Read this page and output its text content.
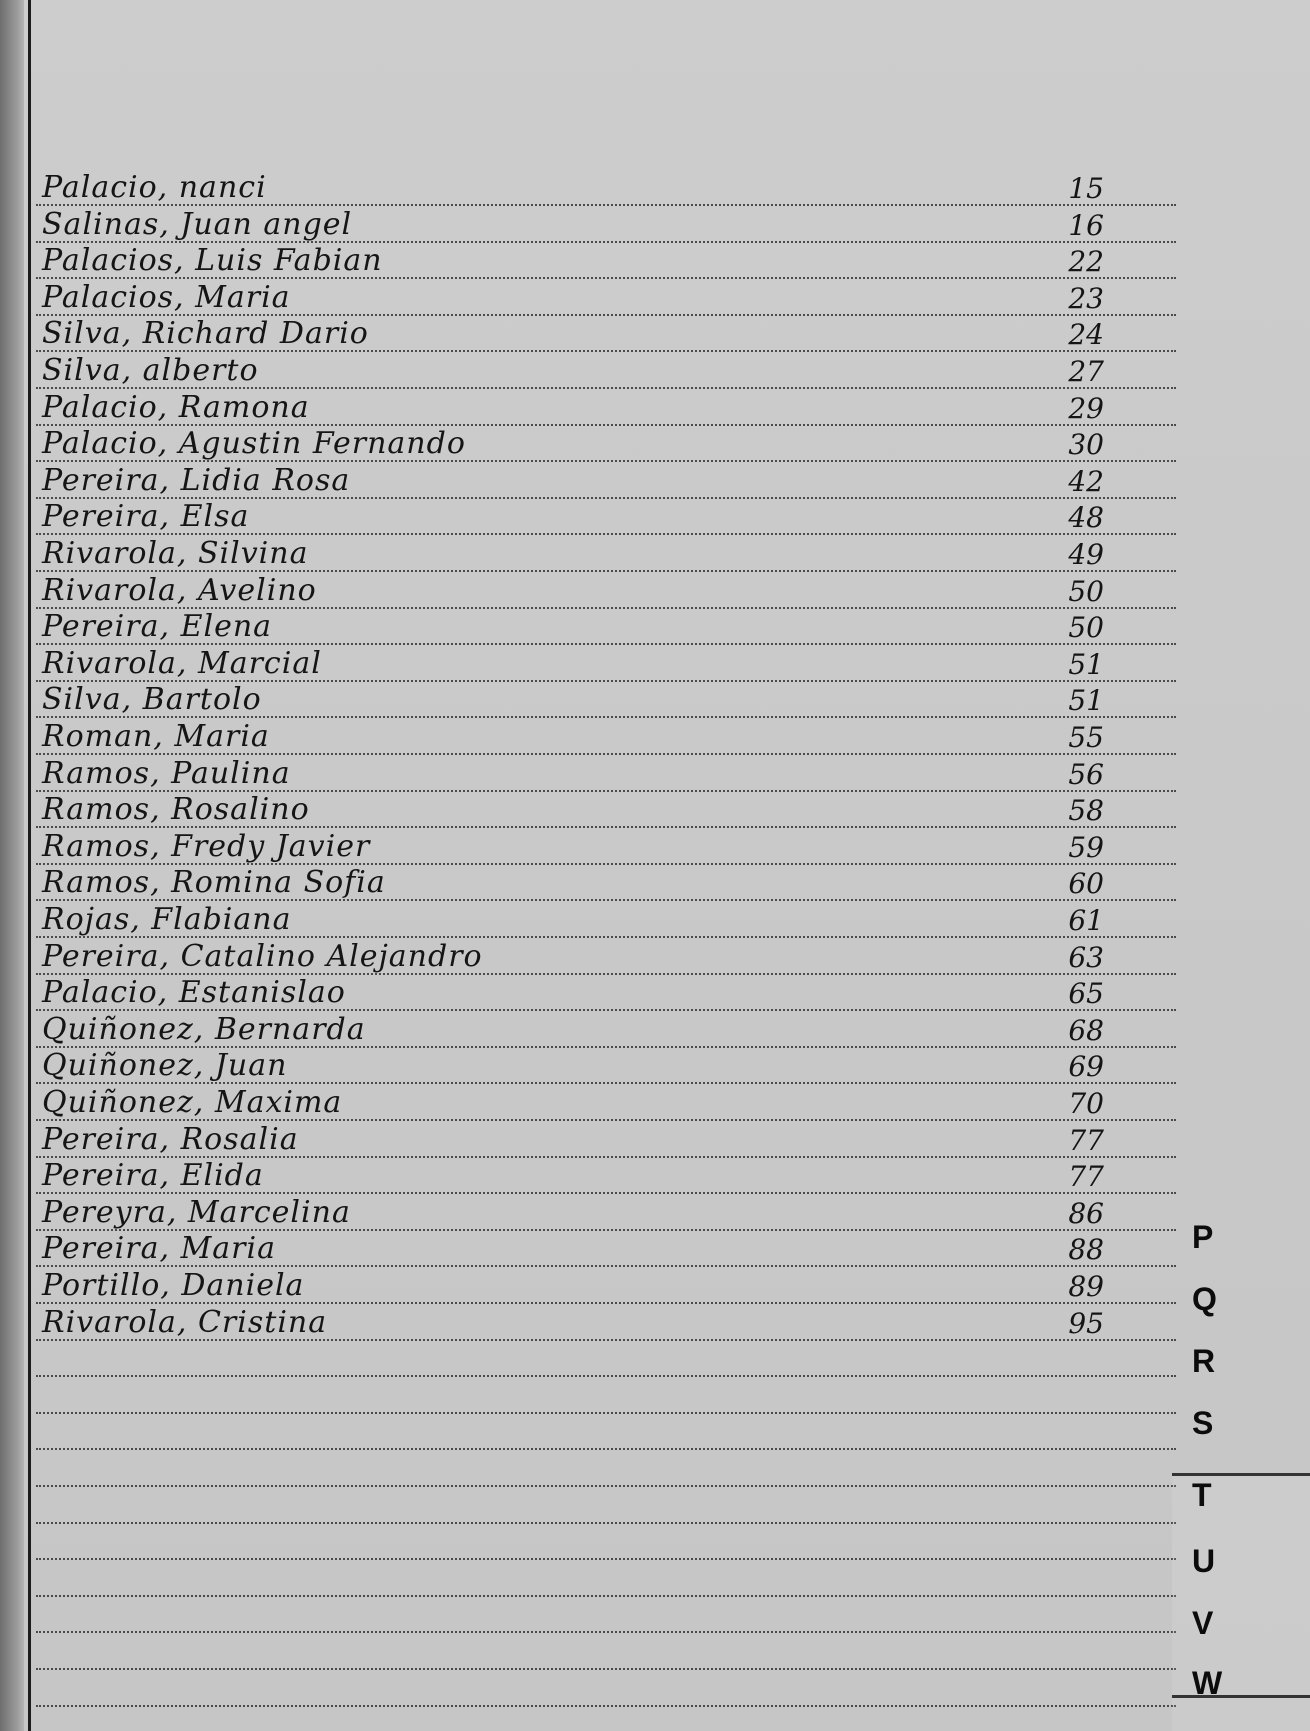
Palacio, nanci	15
Salinas, Juan angel	16
Palacios, Luis Fabian	22
Palacios, Maria	23
Silva, Richard Dario	24
Silva, alberto	27
Palacio, Ramona	29
Palacio, Agustin Fernando	30
Pereira, Lidia Rosa	42
Pereira, Elsa	48
Rivarola, Silvina	49
Rivarola, Avelino	50
Pereira, Elena	50
Rivarola, Marcial	51
Silva, Bartolo	51
Roman, Maria	55
Ramos, Paulina	56
Ramos, Rosalino	58
Ramos, Fredy Javier	59
Ramos, Romina Sofia	60
Rojas, Flabiana	61
Pereira, Catalino Alejandro	63
Palacio, Estanislao	65
Quiñonez, Bernarda	68
Quiñonez, Juan	69
Quiñonez, Maxima	70
Pereira, Rosalia	77
Pereira, Elida	77
Pereyra, Marcelina	86
Pereira, Maria	88
Portillo, Daniela	89
Rivarola, Cristina	95
P
Q
R
S
T
U
V
W
